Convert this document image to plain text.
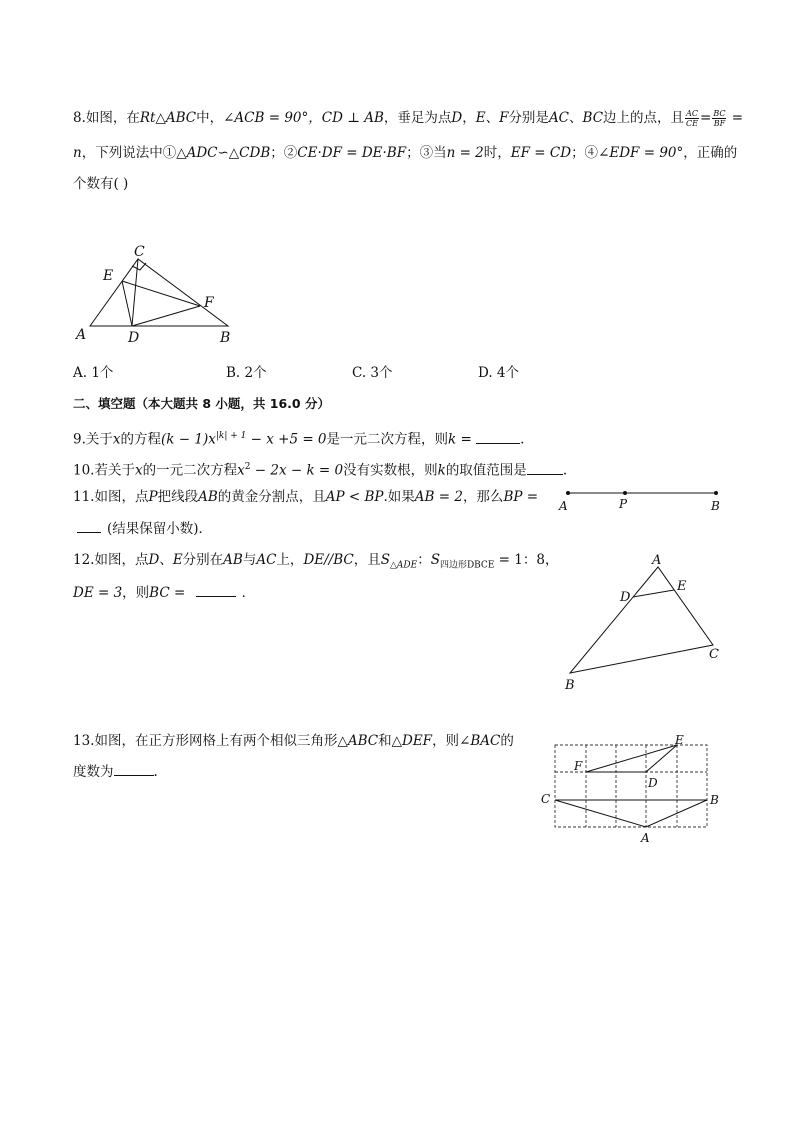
8.如图，在Rt△ABC中，∠ACB = 90°，CD ⊥ AB，垂足为点D，E、F分别是AC、BC边上的点，且 $\frac{AC}{CE} = \frac{BC}{BF}$ =
n，下列说法中①△ADC∽△CDB；②CE·DF = DE·BF；③当n = 2时，EF = CD；④∠EDF = 90°，正确的
个数有( )
C
E
F
A	D	B
A. 1个	B. 2个	C. 3个	D. 4个
二、填空题（本大题共 8 小题，共 16.0 分）
9.关于x的方程$(k - 1)x^{|k| + 1} - x +5 = 0$是一元二次方程，则k =	.
10.若关于x的一元二次方程$x^2 - 2x - k = 0$没有实数根，则k的取值范围是	.
11.如图，点P把线段AB的黄金分割点，且AP < BP.如果AB = 2，那么BP =
(结果保留小数)．
A	P	B
12.如图，点D、E分别在AB与AC上，DE//BC，且$S_{\triangle ADE}$：$S_{四边形DBCE} = 1$：8，
DE = 3，则BC =	．
A
D
E
B
C
13.如图，在正方形网格上有两个相似三角形△ABC和△DEF，则∠BAC的
度数为	.
E
F
D
C	B
A
